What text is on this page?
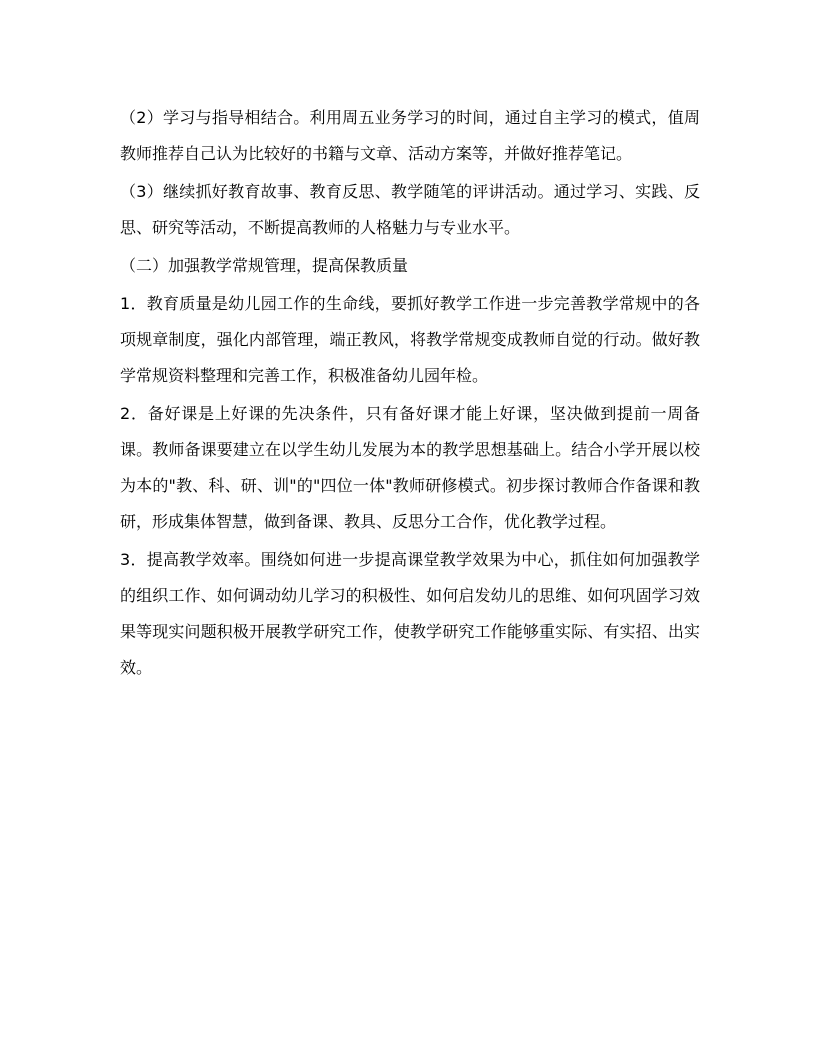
（2）学习与指导相结合。利用周五业务学习的时间，通过自主学习的模式，值周教师推荐自己认为比较好的书籍与文章、活动方案等，并做好推荐笔记。

（3）继续抓好教育故事、教育反思、教学随笔的评讲活动。通过学习、实践、反思、研究等活动，不断提高教师的人格魅力与专业水平。

（二）加强教学常规管理，提高保教质量

1．教育质量是幼儿园工作的生命线，要抓好教学工作进一步完善教学常规中的各项规章制度，强化内部管理，端正教风，将教学常规变成教师自觉的行动。做好教学常规资料整理和完善工作，积极准备幼儿园年检。

2．备好课是上好课的先决条件，只有备好课才能上好课，坚决做到提前一周备课。教师备课要建立在以学生幼儿发展为本的教学思想基础上。结合小学开展以校为本的"教、科、研、训"的"四位一体"教师研修模式。初步探讨教师合作备课和教研，形成集体智慧，做到备课、教具、反思分工合作，优化教学过程。

3．提高教学效率。围绕如何进一步提高课堂教学效果为中心，抓住如何加强教学的组织工作、如何调动幼儿学习的积极性、如何启发幼儿的思维、如何巩固学习效果等现实问题积极开展教学研究工作，使教学研究工作能够重实际、有实招、出实效。
